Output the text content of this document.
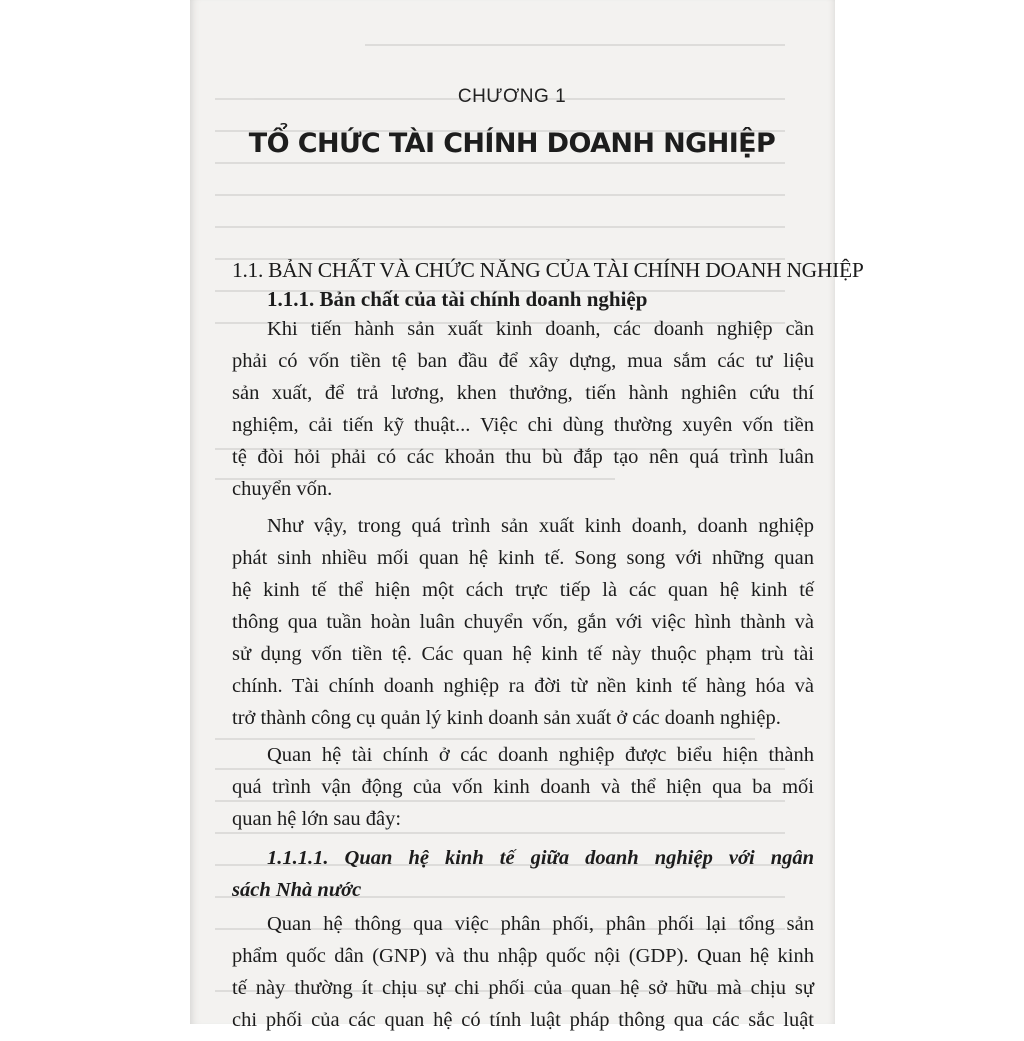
CHƯƠNG 1
TỔ CHỨC TÀI CHÍNH DOANH NGHIỆP
1.1. BẢN CHẤT VÀ CHỨC NĂNG CỦA TÀI CHÍNH DOANH NGHIỆP
1.1.1. Bản chất của tài chính doanh nghiệp
Khi tiến hành sản xuất kinh doanh, các doanh nghiệp cần
phải có vốn tiền tệ ban đầu để xây dựng, mua sắm các tư liệu
sản xuất, để trả lương, khen thưởng, tiến hành nghiên cứu thí
nghiệm, cải tiến kỹ thuật... Việc chi dùng thường xuyên vốn tiền
tệ đòi hỏi phải có các khoản thu bù đắp tạo nên quá trình luân
chuyển vốn.
Như vậy, trong quá trình sản xuất kinh doanh, doanh nghiệp
phát sinh nhiều mối quan hệ kinh tế. Song song với những quan
hệ kinh tế thể hiện một cách trực tiếp là các quan hệ kinh tế
thông qua tuần hoàn luân chuyển vốn, gắn với việc hình thành và
sử dụng vốn tiền tệ. Các quan hệ kinh tế này thuộc phạm trù tài
chính. Tài chính doanh nghiệp ra đời từ nền kinh tế hàng hóa và
trở thành công cụ quản lý kinh doanh sản xuất ở các doanh nghiệp.
Quan hệ tài chính ở các doanh nghiệp được biểu hiện thành
quá trình vận động của vốn kinh doanh và thể hiện qua ba mối
quan hệ lớn sau đây:
1.1.1.1. Quan hệ kinh tế giữa doanh nghiệp với ngân
sách Nhà nước
Quan hệ thông qua việc phân phối, phân phối lại tổng sản
phẩm quốc dân (GNP) và thu nhập quốc nội (GDP). Quan hệ kinh
tế này thường ít chịu sự chi phối của quan hệ sở hữu mà chịu sự
chi phối của các quan hệ có tính luật pháp thông qua các sắc luật
